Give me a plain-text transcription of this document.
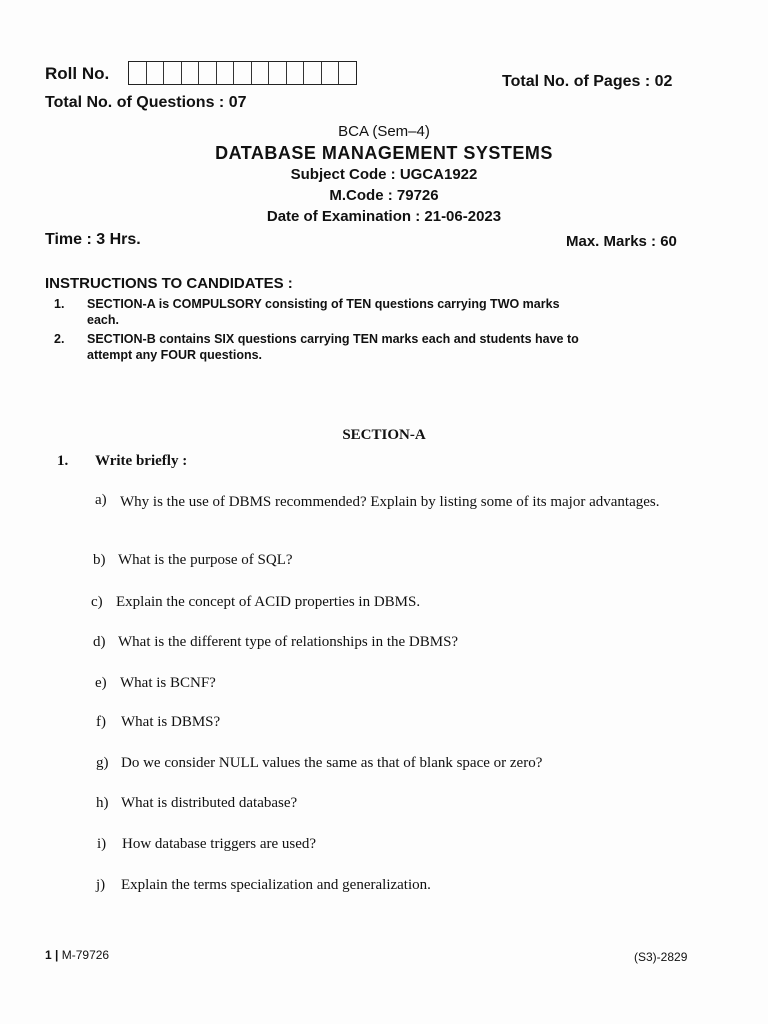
Roll No.	Total No. of Pages : 02
Total No. of Questions : 07
BCA (Sem–4)
DATABASE MANAGEMENT SYSTEMS
Subject Code : UGCA1922
M.Code : 79726
Date of Examination : 21-06-2023
Time : 3 Hrs.	Max. Marks : 60
INSTRUCTIONS TO CANDIDATES :
1. SECTION-A is COMPULSORY consisting of TEN questions carrying TWO marks
each.
2. SECTION-B contains SIX questions carrying TEN marks each and students have to
attempt any FOUR questions.
SECTION-A
1. Write briefly :
a) Why is the use of DBMS recommended? Explain by listing some of its major advantages.
b) What is the purpose of SQL?
c) Explain the concept of ACID properties in DBMS.
d) What is the different type of relationships in the DBMS?
e) What is BCNF?
f) What is DBMS?
g) Do we consider NULL values the same as that of blank space or zero?
h) What is distributed database?
i) How database triggers are used?
j) Explain the terms specialization and generalization.
1 | M-79726	(S3)-2829
